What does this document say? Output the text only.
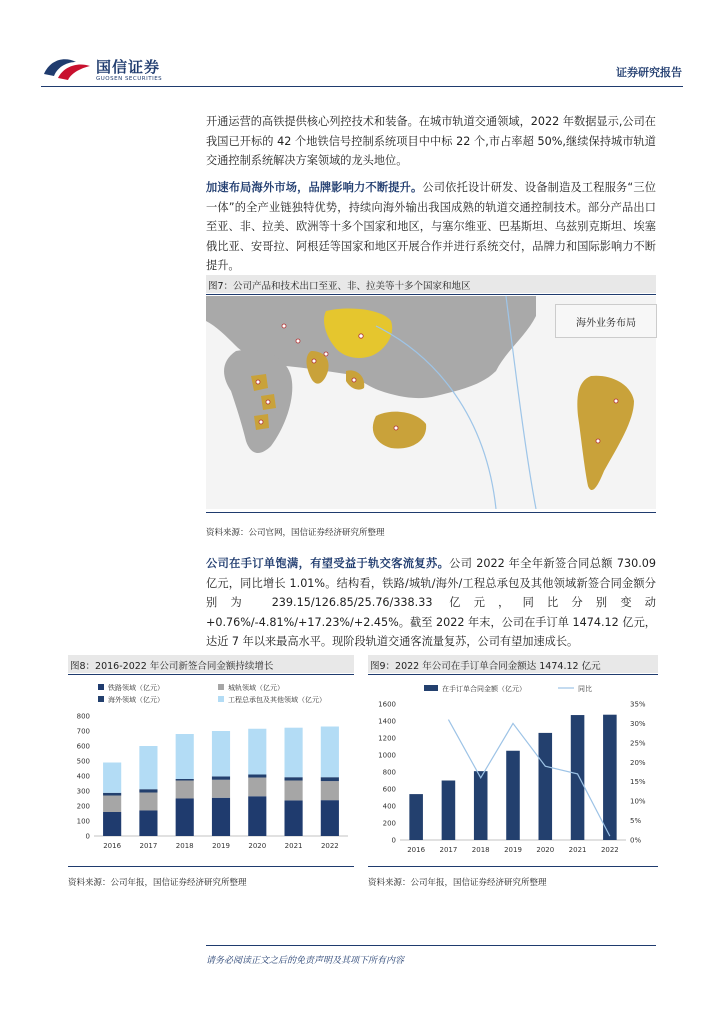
国信证券
GUOSEN SECURITIES	证券研究报告
开通运营的高铁提供核心列控技术和装备。在城市轨道交通领域，2022 年数据显示,公司在我国已开标的 42 个地铁信号控制系统项目中中标 22 个,市占率超 50%,继续保持城市轨道交通控制系统解决方案领域的龙头地位。
加速布局海外市场，品牌影响力不断提升。公司依托设计研发、设备制造及工程服务“三位一体”的全产业链独特优势，持续向海外输出我国成熟的轨道交通控制技术。部分产品出口至亚、非、拉美、欧洲等十多个国家和地区，与塞尔维亚、巴基斯坦、乌兹别克斯坦、埃塞俄比亚、安哥拉、阿根廷等国家和地区开展合作并进行系统交付，品牌力和国际影响力不断提升。
图7：公司产品和技术出口至亚、非、拉美等十多个国家和地区
海外业务布局
资料来源：公司官网，国信证券经济研究所整理
公司在手订单饱满，有望受益于轨交客流复苏。公司 2022 年全年新签合同总额 730.09 亿元，同比增长 1.01%。结构看，铁路/城轨/海外/工程总承包及其他领域新签合同金额分别为 239.15/126.85/25.76/338.33 亿元，同比分别变动+0.76%/-4.81%/+17.23%/+2.45%。截至 2022 年末，公司在手订单 1474.12 亿元，达近 7 年以来最高水平。现阶段轨道交通客流量复苏，公司有望加速成长。
图8：2016-2022 年公司新签合同金额持续增长
铁路领域（亿元）	城轨领域（亿元）
海外领域（亿元）	工程总承包及其他领域（亿元）
0
100
200
300
400
500
600
700
800
2016	2017	2018	2019	2020	2021	2022
资料来源：公司年报，国信证券经济研究所整理
图9：2022 年公司在手订单合同金额达 1474.12 亿元
在手订单合同金额（亿元）	同比
0
200
400
600
800
1000
1200
1400
1600
0%
5%
10%
15%
20%
25%
30%
35%
2016 2017 2018 2019 2020 2021 2022
资料来源：公司年报，国信证券经济研究所整理
请务必阅读正文之后的免责声明及其项下所有内容
